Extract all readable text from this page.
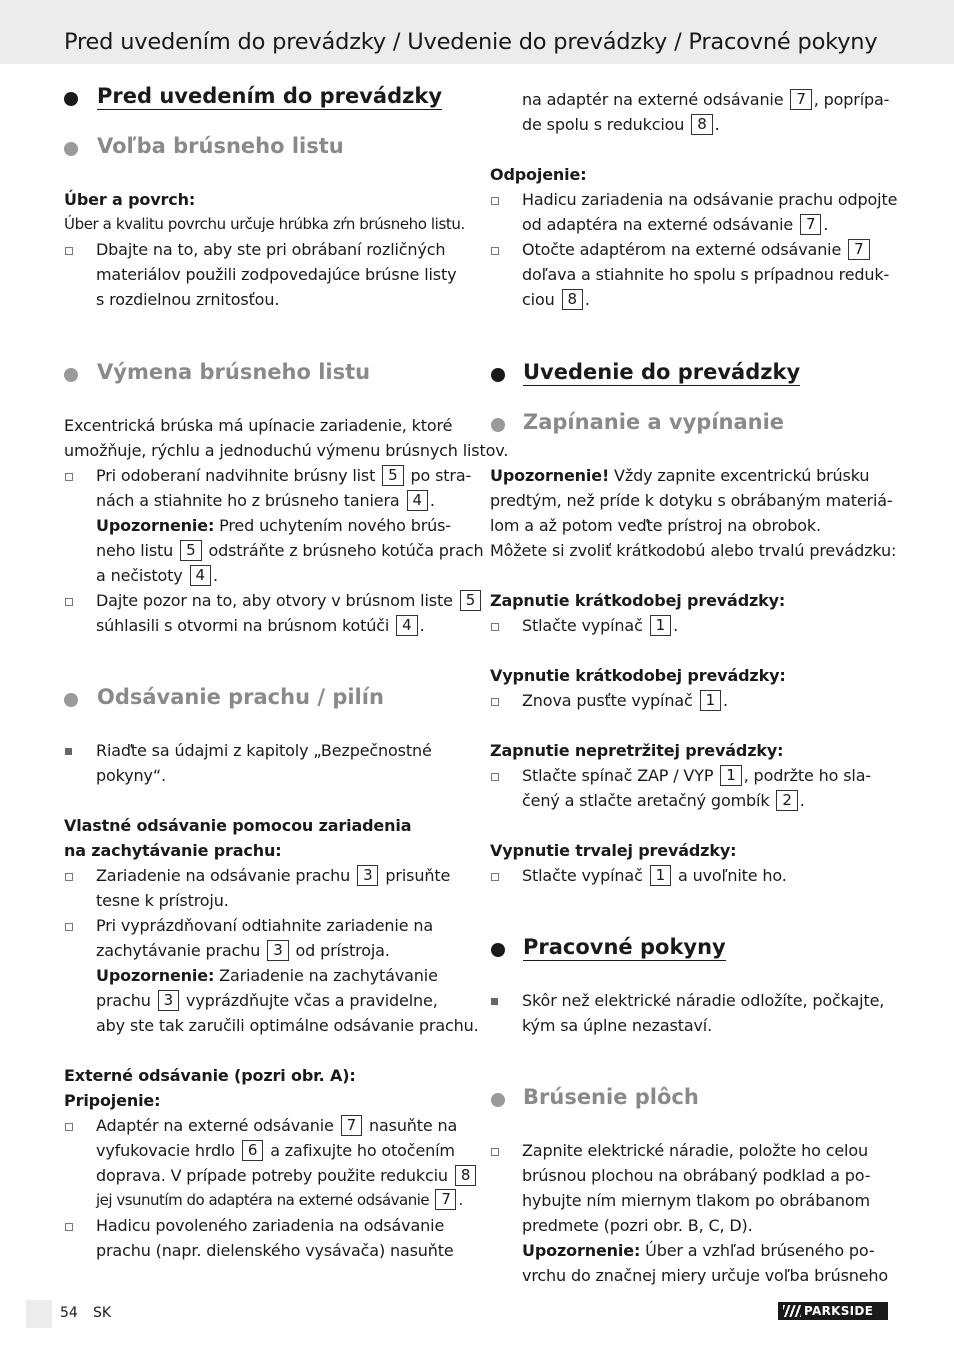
Pred uvedením do prevádzky / Uvedenie do prevádzky / Pracovné pokyny
Pred uvedením do prevádzky
Voľba brúsneho listu
Úber a povrch:
Úber a kvalitu povrchu určuje hrúbka zŕn brúsneho listu.
Dbajte na to, aby ste pri obrábaní rozličných
materiálov použili zodpovedajúce brúsne listy
s rozdielnou zrnitosťou.
Výmena brúsneho listu
Excentrická brúska má upínacie zariadenie, ktoré
umožňuje, rýchlu a jednoduchú výmenu brúsnych listov.
Pri odoberaní nadvihnite brúsny list 5 po stra-
nách a stiahnite ho z brúsneho taniera 4 .
Upozornenie: Pred uchytením nového brús-
neho listu 5 odstráňte z brúsneho kotúča prach
a nečistoty 4 .
Dajte pozor na to, aby otvory v brúsnom liste 5
súhlasili s otvormi na brúsnom kotúči 4 .
Odsávanie prachu / pilín
Riaďte sa údajmi z kapitoly „Bezpečnostné
pokyny“.
Vlastné odsávanie pomocou zariadenia
na zachytávanie prachu:
Zariadenie na odsávanie prachu 3 prisuňte
tesne k prístroju.
Pri vyprázdňovaní odtiahnite zariadenie na
zachytávanie prachu 3 od prístroja.
Upozornenie: Zariadenie na zachytávanie
prachu 3 vyprázdňujte včas a pravidelne,
aby ste tak zaručili optimálne odsávanie prachu.
Externé odsávanie (pozri obr. A):
Pripojenie:
Adaptér na externé odsávanie 7 nasuňte na
vyfukovacie hrdlo 6 a zafixujte ho otočením
doprava. V prípade potreby použite redukciu 8
jej vsunutím do adaptéra na externé odsávanie 7 .
Hadicu povoleného zariadenia na odsávanie
prachu (napr. dielenského vysávača) nasuňte
na adaptér na externé odsávanie 7 , poprípa-
de spolu s redukciou 8 .
Odpojenie:
Hadicu zariadenia na odsávanie prachu odpojte
od adaptéra na externé odsávanie 7 .
Otočte adaptérom na externé odsávanie 7
doľava a stiahnite ho spolu s prípadnou reduk-
ciou 8 .
Uvedenie do prevádzky
Zapínanie a vypínanie
Upozornenie! Vždy zapnite excentrickú brúsku
predtým, než príde k dotyku s obrábaným materiá-
lom a až potom veďte prístroj na obrobok.
Môžete si zvoliť krátkodobú alebo trvalú prevádzku:
Zapnutie krátkodobej prevádzky:
Stlačte vypínač 1 .
Vypnutie krátkodobej prevádzky:
Znova pusťte vypínač 1 .
Zapnutie nepretržitej prevádzky:
Stlačte spínač ZAP / VYP 1 , podržte ho sla-
čený a stlačte aretačný gombík 2 .
Vypnutie trvalej prevádzky:
Stlačte vypínač 1 a uvoľnite ho.
Pracovné pokyny
Skôr než elektrické náradie odložíte, počkajte,
kým sa úplne nezastaví.
Brúsenie plôch
Zapnite elektrické náradie, položte ho celou
brúsnou plochou na obrábaný podklad a po-
hybujte ním miernym tlakom po obrábanom
predmete (pozri obr. B, C, D).
Upozornenie: Úber a vzhľad brúseného po-
vrchu do značnej miery určuje voľba brúsneho
54 SK	PARKSIDE
